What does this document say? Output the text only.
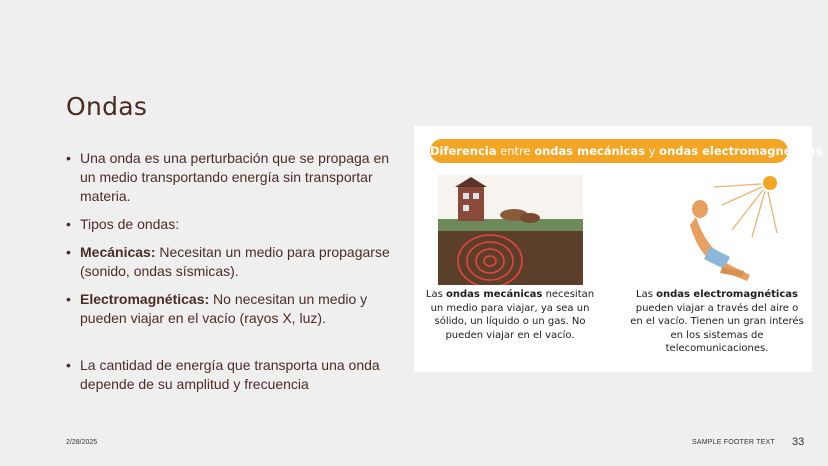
Ondas
• Una onda es una perturbación que se propaga en un medio transportando energía sin transportar materia.
• Tipos de ondas:
• Mecánicas: Necesitan un medio para propagarse (sonido, ondas sísmicas).
• Electromagnéticas: No necesitan un medio y pueden viajar en el vacío (rayos X, luz).
• La cantidad de energía que transporta una onda depende de su amplitud y frecuencia
Diferencia entre ondas mecánicas y ondas electromagnéticas
Las ondas mecánicas necesitan un medio para viajar, ya sea un sólido, un líquido o un gas. No pueden viajar en el vacío.
Las ondas electromagnéticas pueden viajar a través del aire o en el vacío. Tienen un gran interés en los sistemas de telecomunicaciones.
2/28/2025	SAMPLE FOOTER TEXT 33
